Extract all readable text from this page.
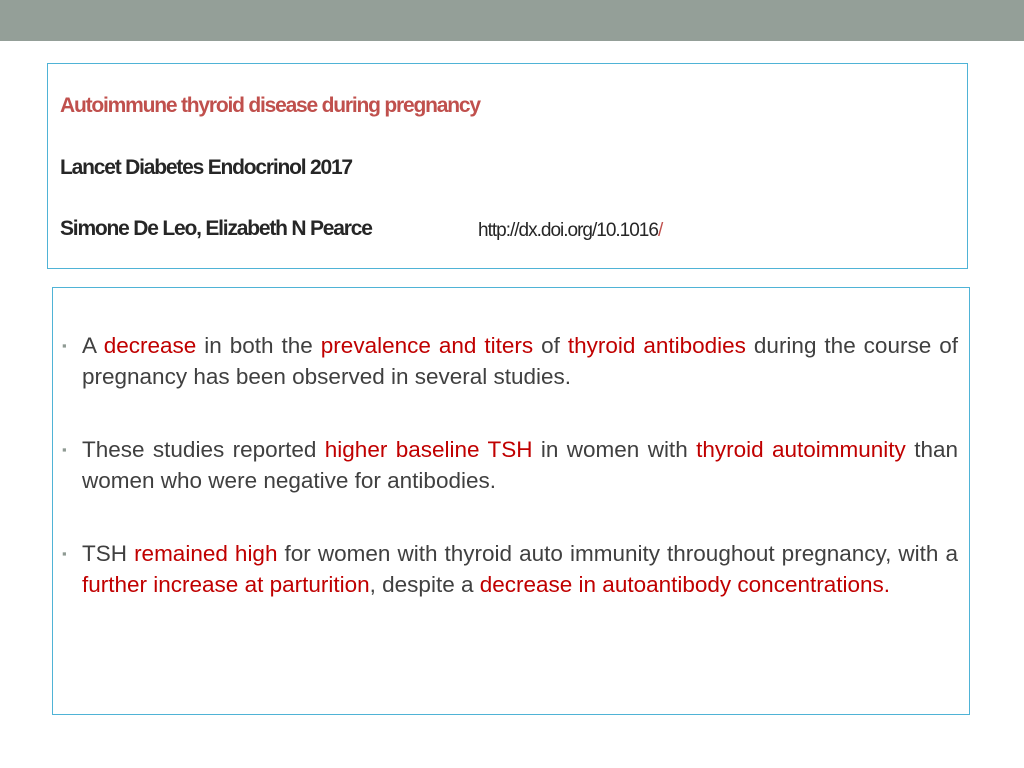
Autoimmune thyroid disease during pregnancy
Lancet Diabetes Endocrinol 2017
Simone De Leo, Elizabeth N Pearce	http://dx.doi.org/10.1016/
▪ A decrease in both the prevalence and titers of thyroid antibodies during the course of pregnancy has been observed in several studies.
▪ These studies reported higher baseline TSH in women with thyroid autoimmunity than women who were negative for antibodies.
▪ TSH remained high for women with thyroid auto immunity throughout pregnancy, with a further increase at parturition, despite a decrease in autoantibody concentrations.
